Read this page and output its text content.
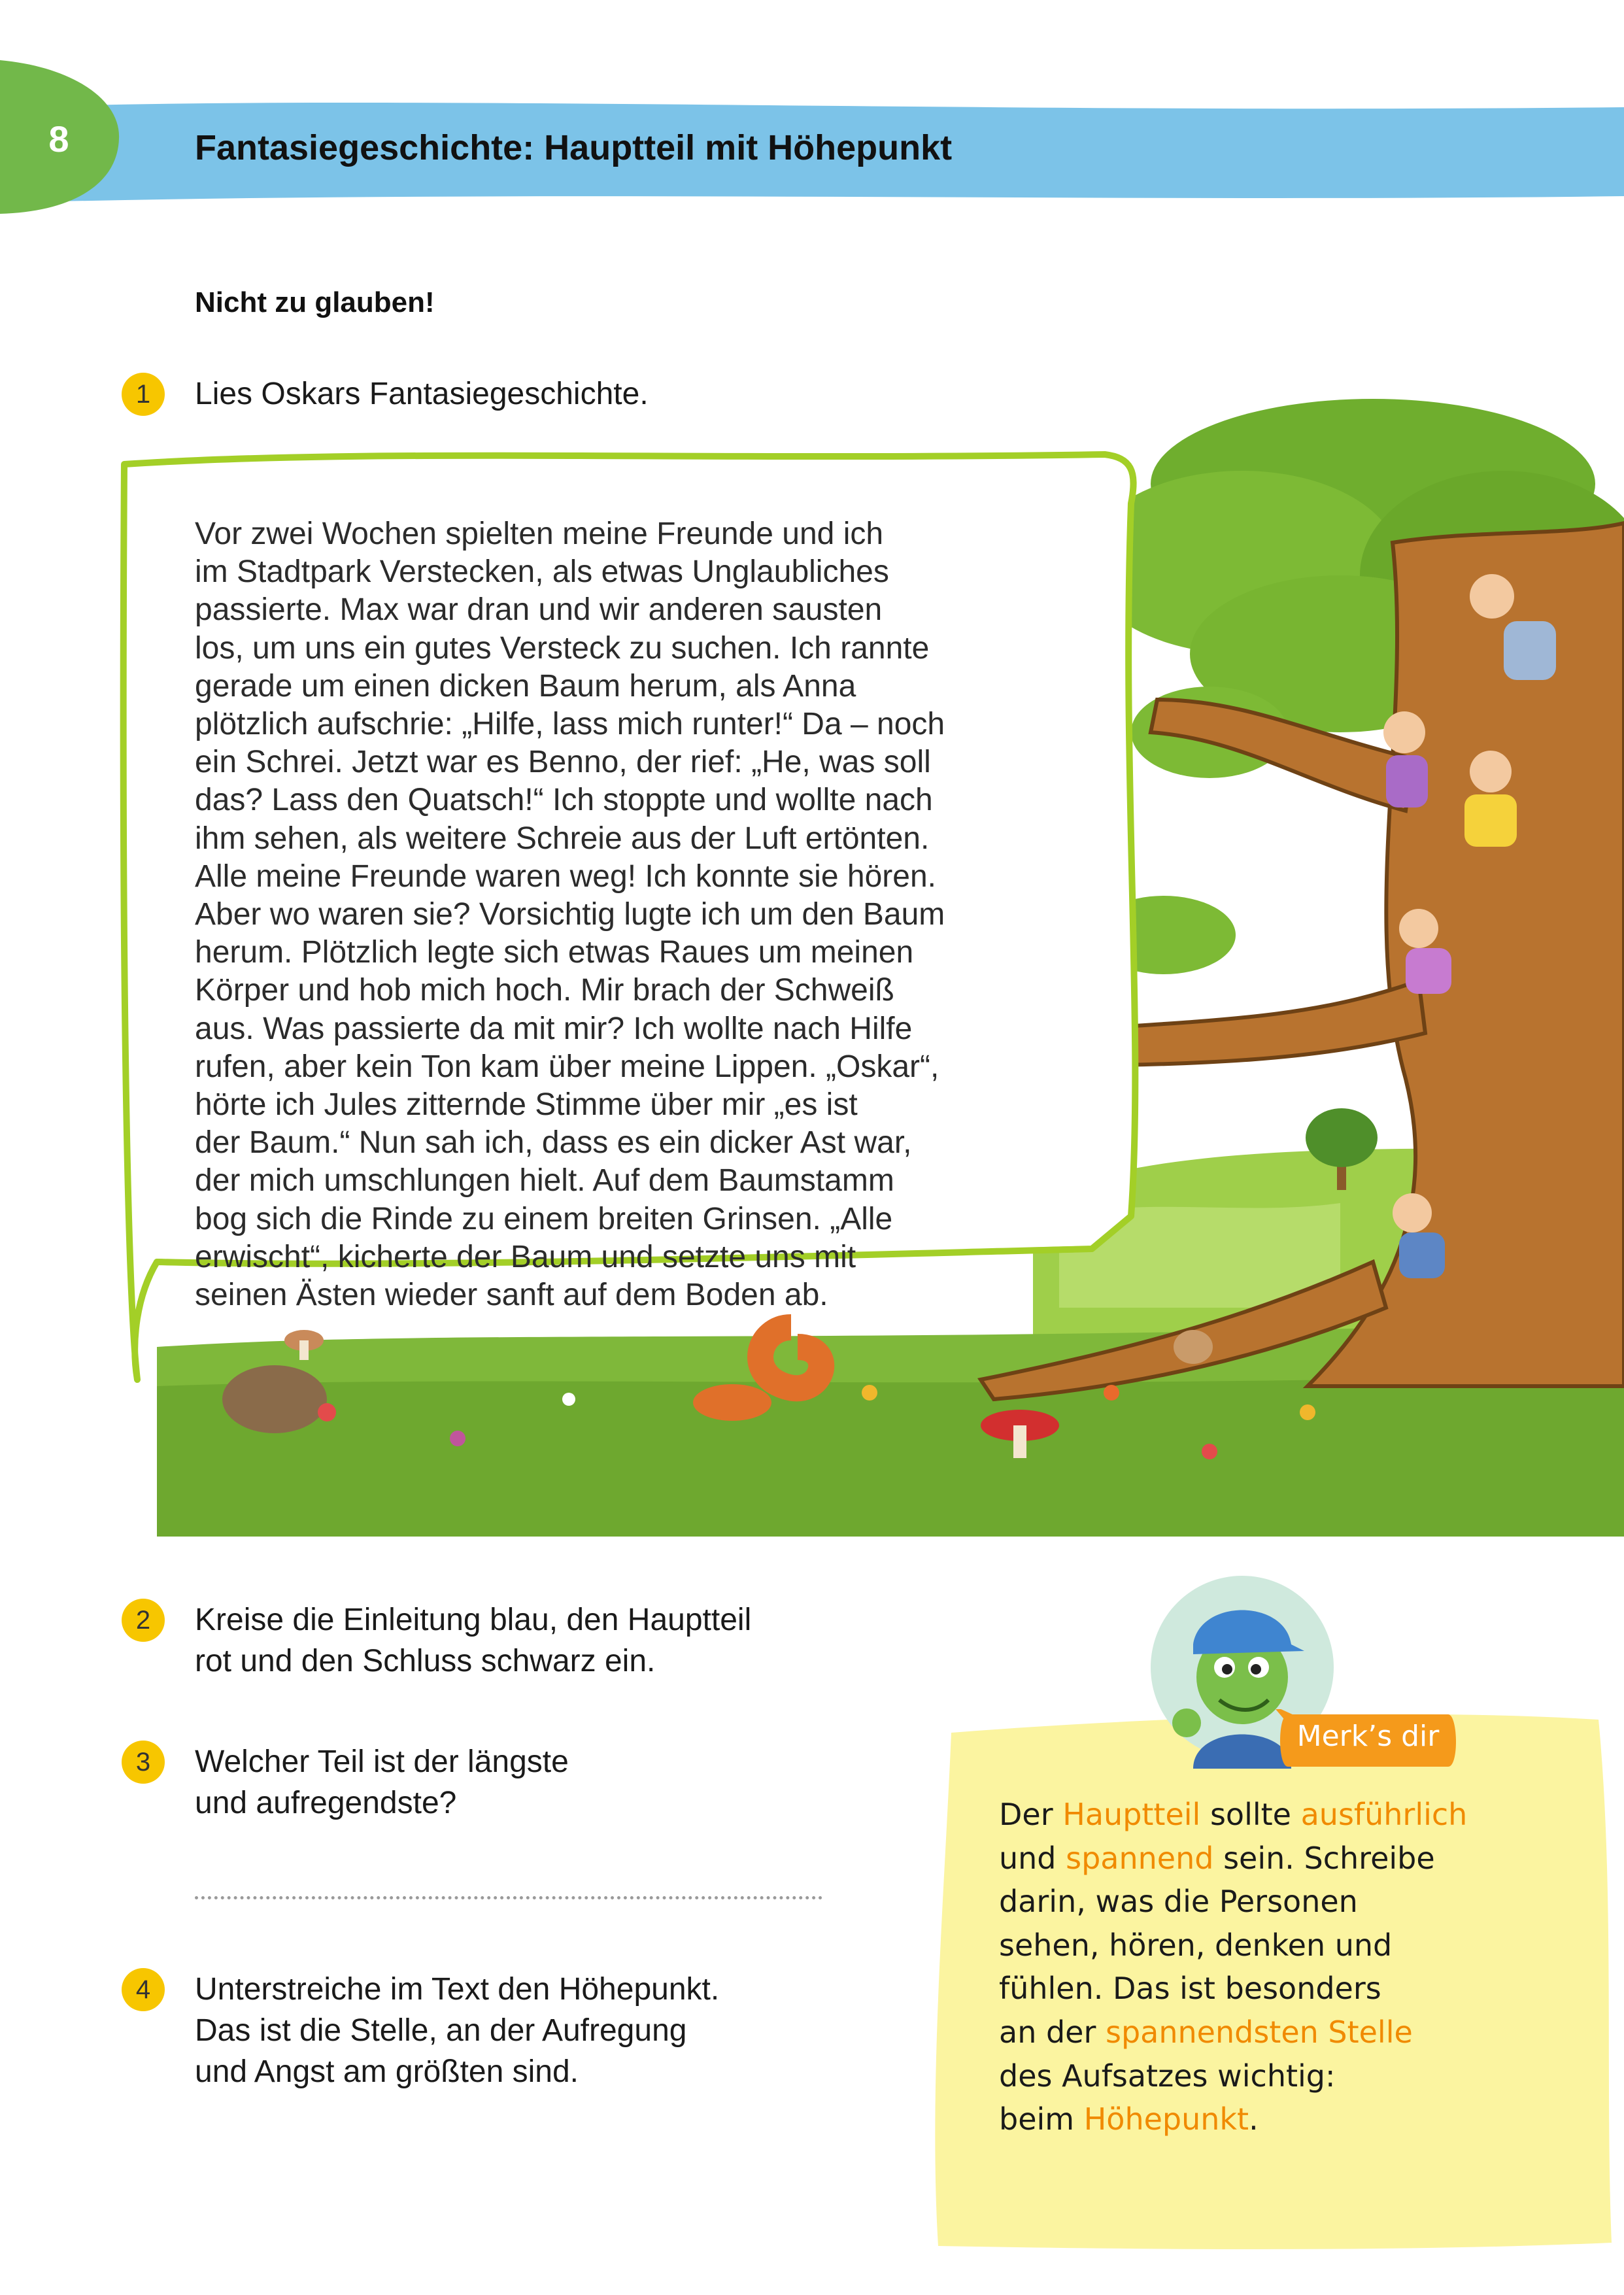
8	Fantasiegeschichte: Hauptteil mit Höhepunkt
Nicht zu glauben!
1	Lies Oskars Fantasiegeschichte.
Vor zwei Wochen spielten meine Freunde und ich
im Stadtpark Verstecken, als etwas Unglaubliches
passierte. Max war dran und wir anderen sausten
los, um uns ein gutes Versteck zu suchen. Ich rannte
gerade um einen dicken Baum herum, als Anna
plötzlich aufschrie: „Hilfe, lass mich runter!“ Da – noch
ein Schrei. Jetzt war es Benno, der rief: „He, was soll
das? Lass den Quatsch!“ Ich stoppte und wollte nach
ihm sehen, als weitere Schreie aus der Luft ertönten.
Alle meine Freunde waren weg! Ich konnte sie hören.
Aber wo waren sie? Vorsichtig lugte ich um den Baum
herum. Plötzlich legte sich etwas Raues um meinen
Körper und hob mich hoch. Mir brach der Schweiß
aus. Was passierte da mit mir? Ich wollte nach Hilfe
rufen, aber kein Ton kam über meine Lippen. „Oskar“,
hörte ich Jules zitternde Stimme über mir „es ist
der Baum.“ Nun sah ich, dass es ein dicker Ast war,
der mich umschlungen hielt. Auf dem Baumstamm
bog sich die Rinde zu einem breiten Grinsen. „Alle
erwischt“, kicherte der Baum und setzte uns mit
seinen Ästen wieder sanft auf dem Boden ab.
2	Kreise die Einleitung blau, den Hauptteil
rot und den Schluss schwarz ein.
3	Welcher Teil ist der längste
und aufregendste?
4	Unterstreiche im Text den Höhepunkt.
Das ist die Stelle, an der Aufregung
und Angst am größten sind.
Merk’s dir
Der Hauptteil sollte ausführlich
und spannend sein. Schreibe
darin, was die Personen
sehen, hören, denken und
fühlen. Das ist besonders
an der spannendsten Stelle
des Aufsatzes wichtig:
beim Höhepunkt.
